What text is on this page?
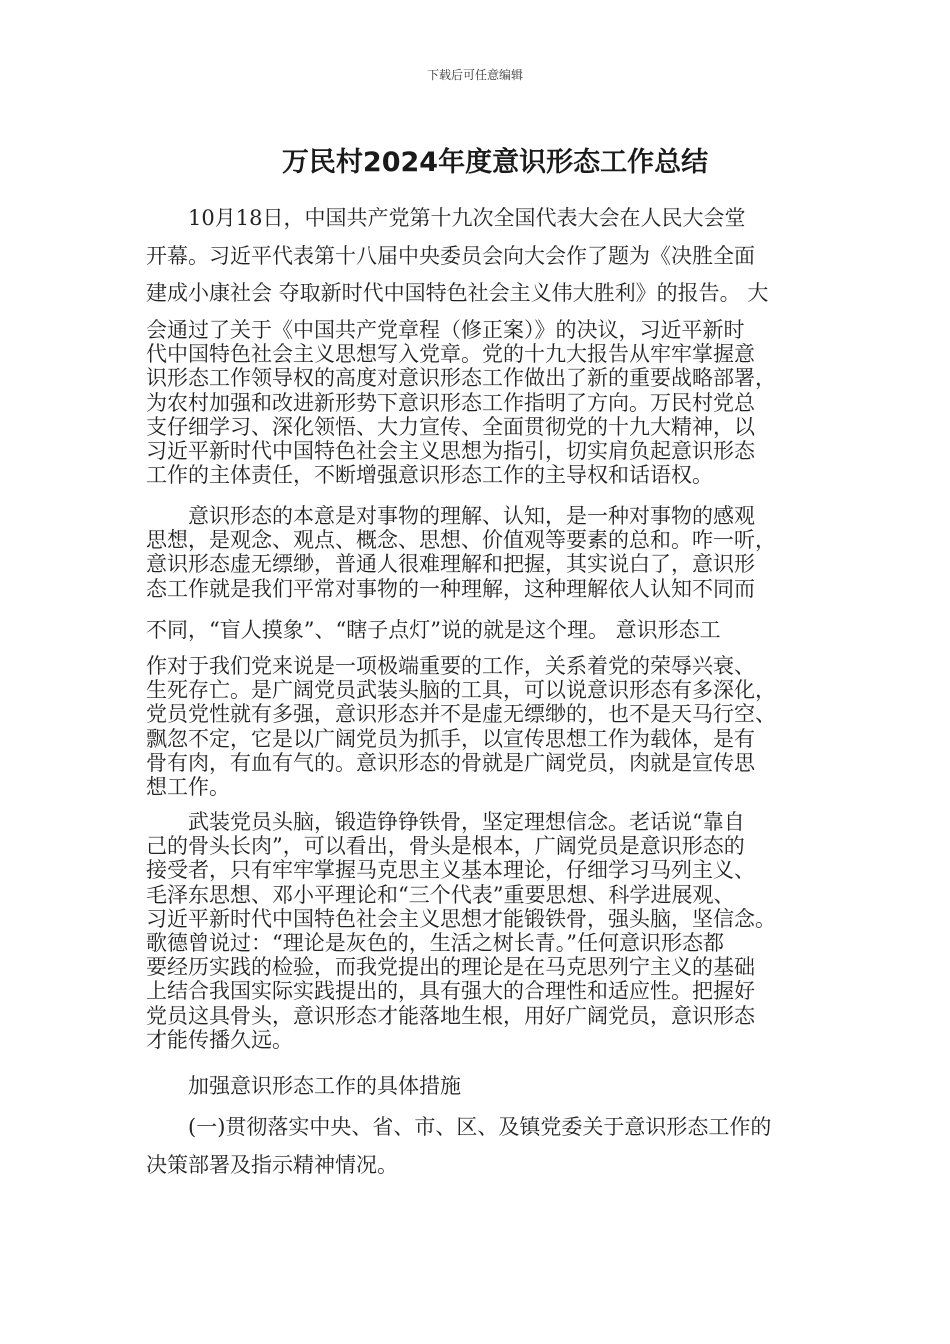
下载后可任意编辑
万民村2024年度意识形态工作总结
　　10月18日，中国共产党第十九次全国代表大会在人民大会堂
开幕。习近平代表第十八届中央委员会向大会作了题为《决胜全面
建成小康社会 夺取新时代中国特色社会主义伟大胜利》的报告。 大
会通过了关于《中国共产党章程（修正案）》的决议，习近平新时
代中国特色社会主义思想写入党章。党的十九大报告从牢牢掌握意
识形态工作领导权的高度对意识形态工作做出了新的重要战略部署，
为农村加强和改进新形势下意识形态工作指明了方向。万民村党总
支仔细学习、深化领悟、大力宣传、全面贯彻党的十九大精神，以
习近平新时代中国特色社会主义思想为指引，切实肩负起意识形态
工作的主体责任，不断增强意识形态工作的主导权和话语权。
　　意识形态的本意是对事物的理解、认知，是一种对事物的感观
思想，是观念、观点、概念、思想、价值观等要素的总和。咋一听，
意识形态虚无缥缈，普通人很难理解和把握，其实说白了，意识形
态工作就是我们平常对事物的一种理解，这种理解依人认知不同而
不同，“盲人摸象”、“瞎子点灯”说的就是这个理。 意识形态工
作对于我们党来说是一项极端重要的工作，关系着党的荣辱兴衰、
生死存亡。是广阔党员武装头脑的工具，可以说意识形态有多深化，
党员党性就有多强，意识形态并不是虚无缥缈的，也不是天马行空、
飘忽不定，它是以广阔党员为抓手，以宣传思想工作为载体，是有
骨有肉，有血有气的。意识形态的骨就是广阔党员，肉就是宣传思
想工作。
　　武装党员头脑，锻造铮铮铁骨，坚定理想信念。老话说“靠自
己的骨头长肉”，可以看出，骨头是根本，广阔党员是意识形态的
接受者，只有牢牢掌握马克思主义基本理论，仔细学习马列主义、
毛泽东思想、邓小平理论和“三个代表”重要思想、科学进展观、
习近平新时代中国特色社会主义思想才能锻铁骨，强头脑，坚信念。
歌德曾说过：“理论是灰色的，生活之树长青。”任何意识形态都
要经历实践的检验，而我党提出的理论是在马克思列宁主义的基础
上结合我国实际实践提出的，具有强大的合理性和适应性。把握好
党员这具骨头，意识形态才能落地生根，用好广阔党员，意识形态
才能传播久远。
　　加强意识形态工作的具体措施
　　(一)贯彻落实中央、省、市、区、及镇党委关于意识形态工作的
决策部署及指示精神情况。
